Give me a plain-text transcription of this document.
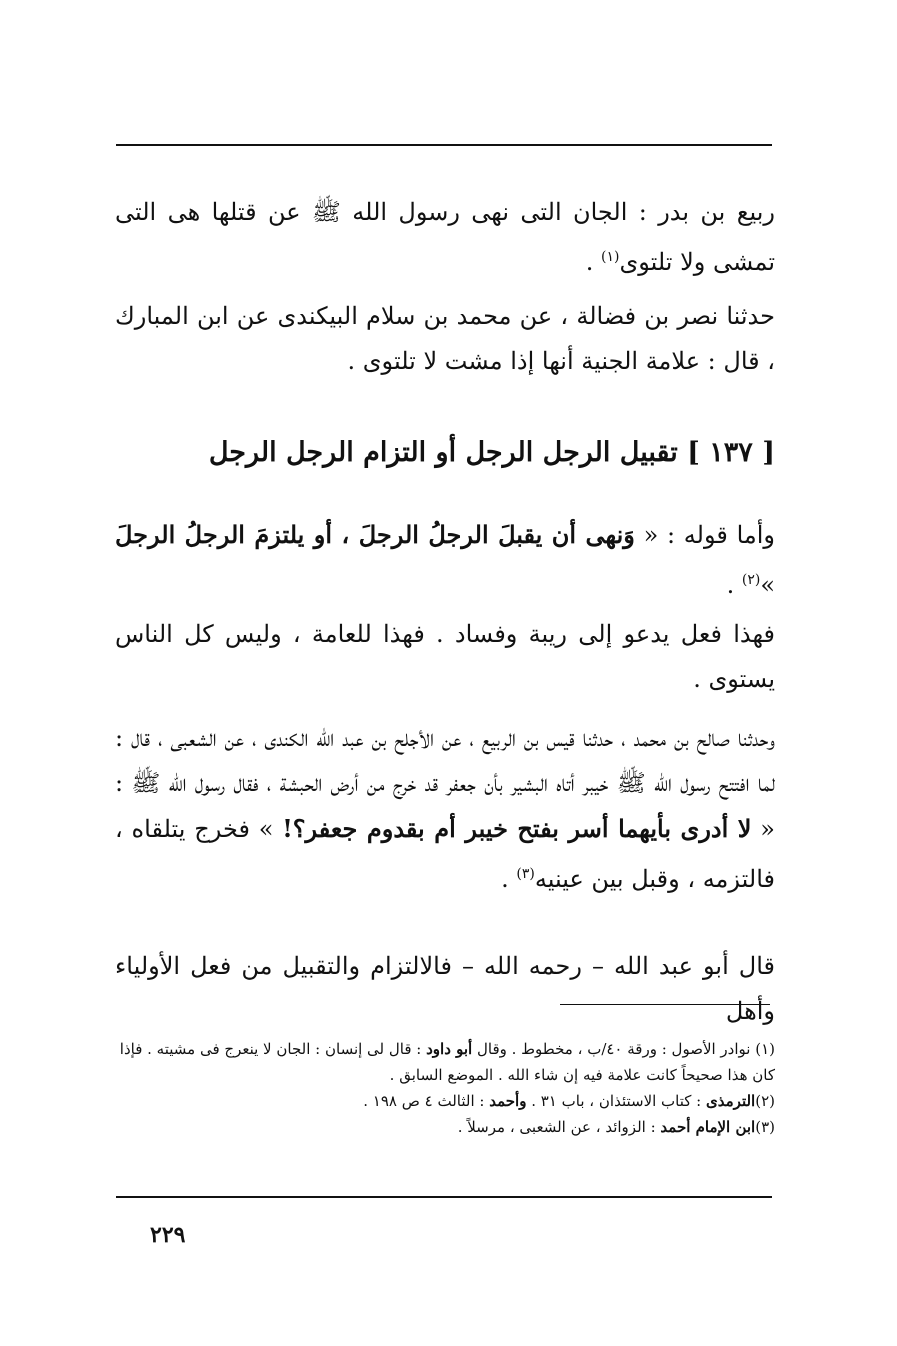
ربيع بن بدر : الجان التى نهى رسول الله ﷺ عن قتلها هى التى تمشى ولا تلتوى$^{(١)}$ .
حدثنا نصر بن فضالة ، عن محمد بن سلام البيكندى عن ابن المبارك ، قال : علامة الجنية أنها إذا مشت لا تلتوى .
[ ١٣٧ ] تقبيل الرجل الرجل أو التزام الرجل الرجل
وأما قوله : « وَنهى أن يقبلَ الرجلُ الرجلَ ، أو يلتزمَ الرجلُ الرجلَ »$^{(٢)}$ .
فهذا فعل يدعو إلى ريبة وفساد . فهذا للعامة ، وليس كل الناس يستوى .
وحدثنا صالح بن محمد ، حدثنا قيس بن الربيع ، عن الأجلح بن عبد الله الكندى ، عن الشعبى ، قال : لما افتتح رسول الله ﷺ خيبر أتاه البشير بأن جعفر قد خرج من أرض الحبشة ، فقال رسول الله ﷺ : « لا أدرى بأيهما أسر بفتح خيبر أم بقدوم جعفر؟! » فخرج يتلقاه ، فالتزمه ، وقبل بين عينيه$^{(٣)}$ .
قال أبو عبد الله – رحمه الله – فالالتزام والتقبيل من فعل الأولياء وأهل
(١) نوادر الأصول : ورقة ٤٠/ب ، مخطوط . وقال أبو داود : قال لى إنسان : الجان لا ينعرج فى مشيته . فإذا كان هذا صحيحاً كانت علامة فيه إن شاء الله . الموضع السابق .
(٢)الترمذى : كتاب الاستئذان ، باب ٣١ . وأحمد : الثالث ٤ ص ١٩٨ .
(٣)ابن الإمام أحمد : الزوائد ، عن الشعبى ، مرسلاً .
٢٢٩
